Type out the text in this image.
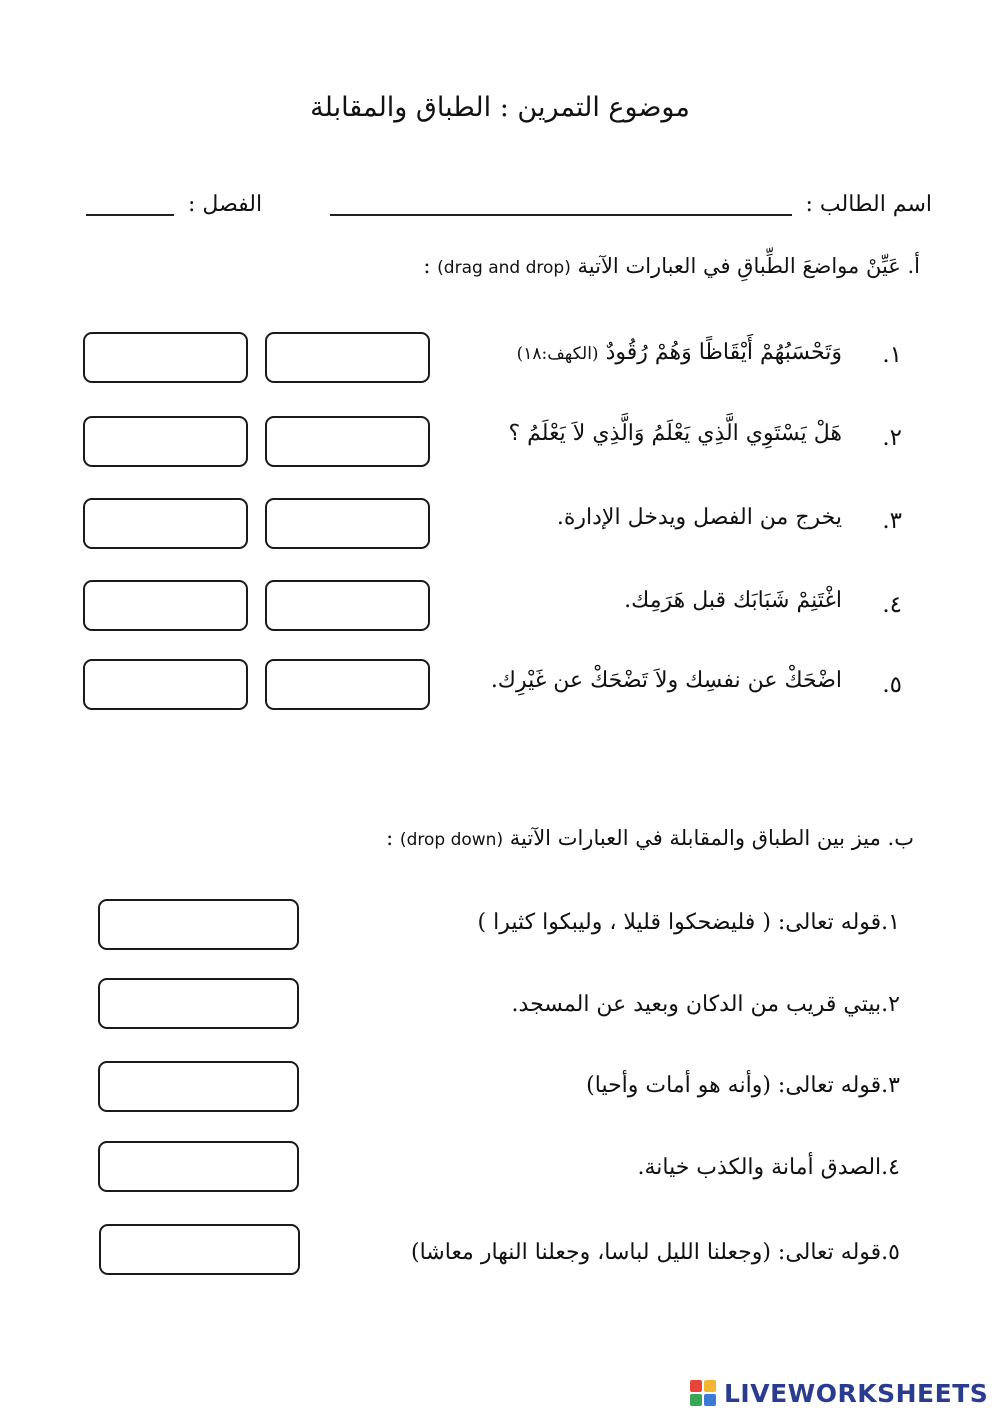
موضوع التمرين : الطباق والمقابلة
اسم الطالب :
الفصل :
أ. عَيِّنْ مواضعَ الطِّباقِ في العبارات الآتية (drag and drop) :
١.
وَتَحْسَبُهُمْ أَيْقَاظًا وَهُمْ رُقُودٌ (الكهف:١٨)
٢.
هَلْ يَسْتَوِي الَّذِي يَعْلَمُ وَالَّذِي لاَ يَعْلَمُ ؟
٣.
يخرج من الفصل ويدخل الإدارة.
٤.
اغْتَنِمْ شَبَابَك قبل هَرَمِك.
٥.
اضْحَكْ عن نفسِك ولاَ تَضْحَكْ عن غَيْرِك.
ب. ميز بين الطباق والمقابلة في العبارات الآتية (drop down) :
١.قوله تعالى: ( فليضحكوا قليلا ، وليبكوا كثيرا )
٢.بيتي قريب من الدكان وبعيد عن المسجد.
٣.قوله تعالى: (وأنه هو أمات وأحيا)
٤.الصدق أمانة والكذب خيانة.
٥.قوله تعالى: (وجعلنا الليل لباسا، وجعلنا النهار معاشا)
LIVEWORKSHEETS
